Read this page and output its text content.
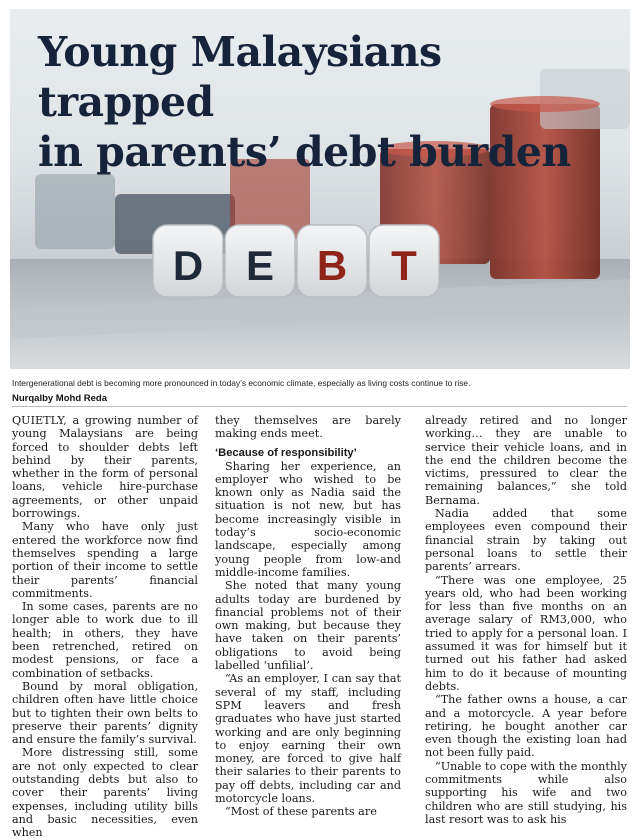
D E B T
Young Malaysians trapped
in parents’ debt burden
Intergenerational debt is becoming more pronounced in today’s economic climate, especially as living costs continue to rise.
Nurqalby Mohd Reda

QUIETLY, a growing number of young Malaysians are being forced to shoulder debts left behind by their parents, whether in the form of personal loans, vehicle hire-purchase agreements, or other unpaid borrowings.

Many who have only just entered the workforce now find themselves spending a large portion of their income to settle their parents’ financial commitments.

In some cases, parents are no longer able to work due to ill health; in others, they have been retrenched, retired on modest pensions, or face a combination of setbacks.

Bound by moral obligation, children often have little choice but to tighten their own belts to preserve their parents’ dignity and ensure the family’s survival.

More distressing still, some are not only expected to clear outstanding debts but also to cover their parents’ living expenses, including utility bills and basic necessities, even when

they themselves are barely making ends meet.

‘Because of responsibility’

Sharing her experience, an employer who wished to be known only as Nadia said the situation is not new, but has become increasingly visible in today’s socio-economic landscape, especially among young people from low-and middle-income families.

She noted that many young adults today are burdened by financial problems not of their own making, but because they have taken on their parents’ obligations to avoid being labelled ‘unfilial’.

“As an employer, I can say that several of my staff, including SPM leavers and fresh graduates who have just started working and are only beginning to enjoy earning their own money, are forced to give half their salaries to their parents to pay off debts, including car and motorcycle loans.

“Most of these parents are

already retired and no longer working… they are unable to service their vehicle loans, and in the end the children become the victims, pressured to clear the remaining balances,” she told Bernama.

Nadia added that some employees even compound their financial strain by taking out personal loans to settle their parents’ arrears.

“There was one employee, 25 years old, who had been working for less than five months on an average salary of RM3,000, who tried to apply for a personal loan. I assumed it was for himself but it turned out his father had asked him to do it because of mounting debts.

“The father owns a house, a car and a motorcycle. A year before retiring, he bought another car even though the existing loan had not been fully paid.

“Unable to cope with the monthly commitments while also supporting his wife and two children who are still studying, his last resort was to ask his
